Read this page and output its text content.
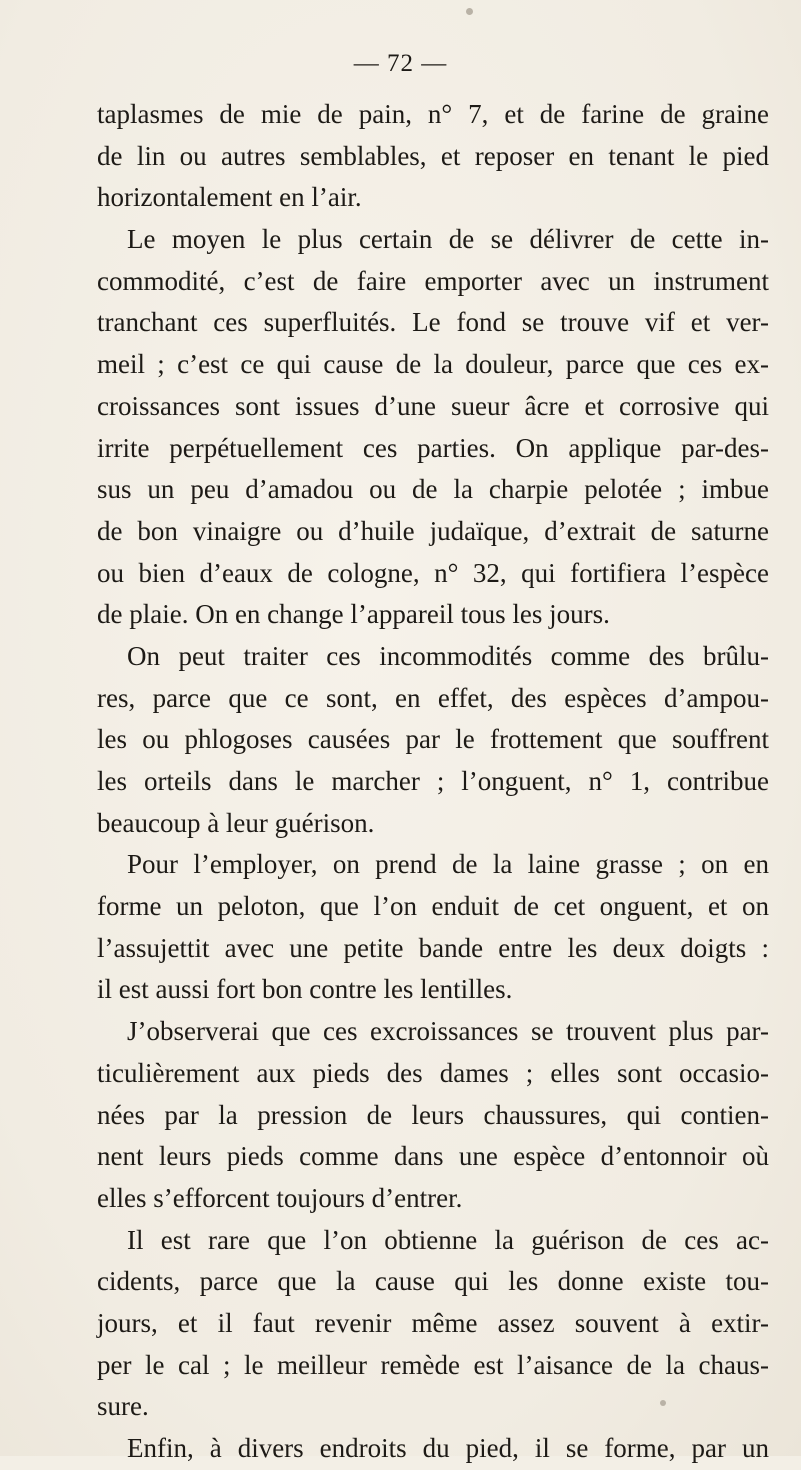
— 72 —
taplasmes de mie de pain, n° 7, et de farine de graine
de lin ou autres semblables, et reposer en tenant le pied
horizontalement en l’air.
Le moyen le plus certain de se délivrer de cette in-
commodité, c’est de faire emporter avec un instrument
tranchant ces superfluités. Le fond se trouve vif et ver-
meil ; c’est ce qui cause de la douleur, parce que ces ex-
croissances sont issues d’une sueur âcre et corrosive qui
irrite perpétuellement ces parties. On applique par-des-
sus un peu d’amadou ou de la charpie pelotée ; imbue
de bon vinaigre ou d’huile judaïque, d’extrait de saturne
ou bien d’eaux de cologne, n° 32, qui fortifiera l’espèce
de plaie. On en change l’appareil tous les jours.
On peut traiter ces incommodités comme des brûlu-
res, parce que ce sont, en effet, des espèces d’ampou-
les ou phlogoses causées par le frottement que souffrent
les orteils dans le marcher ; l’onguent, n° 1, contribue
beaucoup à leur guérison.
Pour l’employer, on prend de la laine grasse ; on en
forme un peloton, que l’on enduit de cet onguent, et on
l’assujettit avec une petite bande entre les deux doigts :
il est aussi fort bon contre les lentilles.
J’observerai que ces excroissances se trouvent plus par-
ticulièrement aux pieds des dames ; elles sont occasio-
nées par la pression de leurs chaussures, qui contien-
nent leurs pieds comme dans une espèce d’entonnoir où
elles s’efforcent toujours d’entrer.
Il est rare que l’on obtienne la guérison de ces ac-
cidents, parce que la cause qui les donne existe tou-
jours, et il faut revenir même assez souvent à extir-
per le cal ; le meilleur remède est l’aisance de la chaus-
sure.
Enfin, à divers endroits du pied, il se forme, par un
